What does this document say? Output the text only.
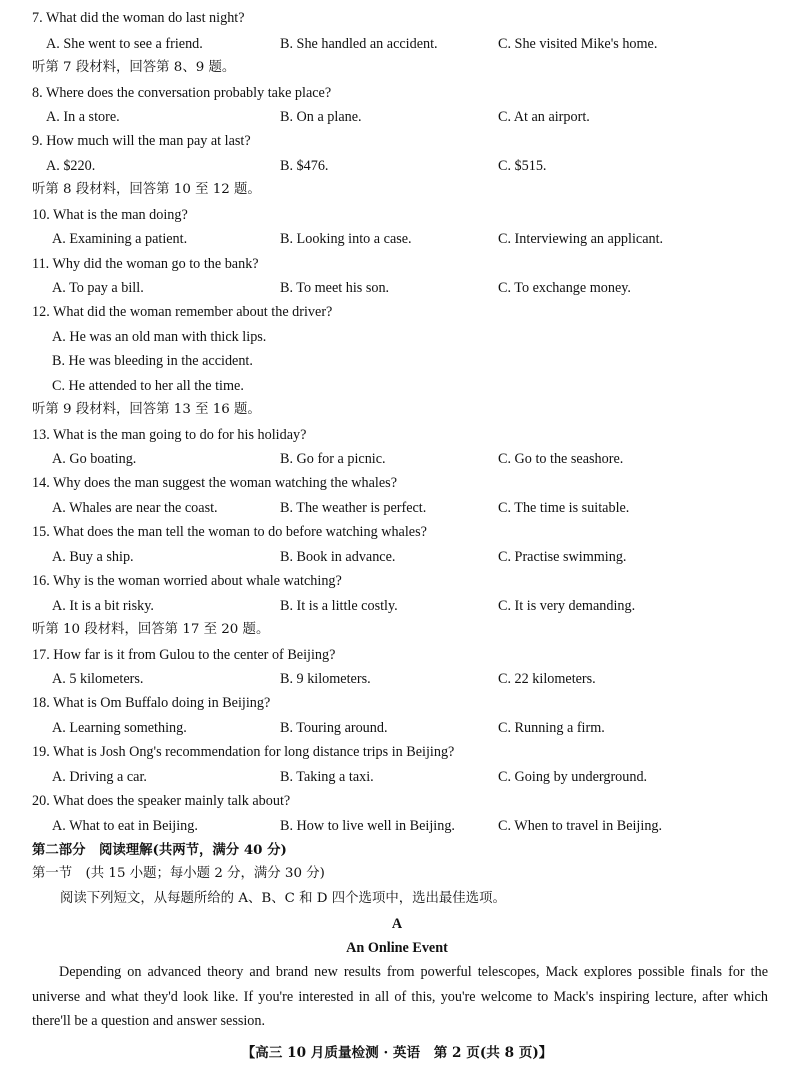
7. What did the woman do last night?
A. She went to see a friend.	B. She handled an accident.	C. She visited Mike's home.
听第 7 段材料，回答第 8、9 题。
8. Where does the conversation probably take place?
A. In a store.	B. On a plane.	C. At an airport.
9. How much will the man pay at last?
A. $220.	B. $476.	C. $515.
听第 8 段材料，回答第 10 至 12 题。
10. What is the man doing?
A. Examining a patient.	B. Looking into a case.	C. Interviewing an applicant.
11. Why did the woman go to the bank?
A. To pay a bill.	B. To meet his son.	C. To exchange money.
12. What did the woman remember about the driver?
A. He was an old man with thick lips.
B. He was bleeding in the accident.
C. He attended to her all the time.
听第 9 段材料，回答第 13 至 16 题。
13. What is the man going to do for his holiday?
A. Go boating.	B. Go for a picnic.	C. Go to the seashore.
14. Why does the man suggest the woman watching the whales?
A. Whales are near the coast.	B. The weather is perfect.	C. The time is suitable.
15. What does the man tell the woman to do before watching whales?
A. Buy a ship.	B. Book in advance.	C. Practise swimming.
16. Why is the woman worried about whale watching?
A. It is a bit risky.	B. It is a little costly.	C. It is very demanding.
听第 10 段材料，回答第 17 至 20 题。
17. How far is it from Gulou to the center of Beijing?
A. 5 kilometers.	B. 9 kilometers.	C. 22 kilometers.
18. What is Om Buffalo doing in Beijing?
A. Learning something.	B. Touring around.	C. Running a firm.
19. What is Josh Ong's recommendation for long distance trips in Beijing?
A. Driving a car.	B. Taking a taxi.	C. Going by underground.
20. What does the speaker mainly talk about?
A. What to eat in Beijing.	B. How to live well in Beijing.	C. When to travel in Beijing.
第二部分　阅读理解(共两节，满分 40 分)
第一节　(共 15 小题；每小题 2 分，满分 30 分)
阅读下列短文，从每题所给的 A、B、C 和 D 四个选项中，选出最佳选项。
A
An Online Event
Depending on advanced theory and brand new results from powerful telescopes, Mack explores possible finals for the universe and what they'd look like. If you're interested in all of this, you're welcome to Mack's inspiring lecture, after which there'll be a question and answer session.
【高三 10 月质量检测 · 英语　第 2 页(共 8 页)】
